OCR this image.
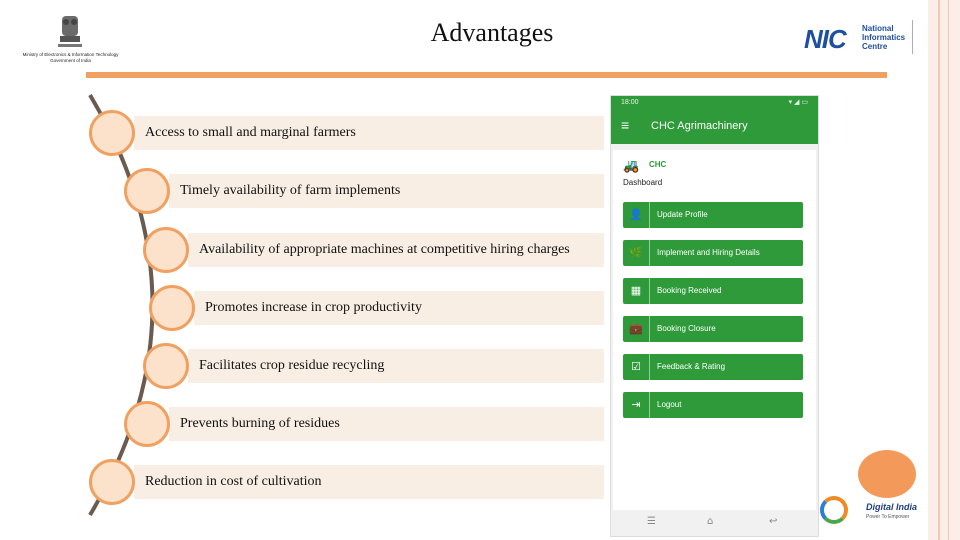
Ministry of Electronics & Information Technology
Government of India
Advantages	NIC National Informatics Centre
Access to small and marginal farmers
Timely availability of farm implements
Availability of appropriate machines at competitive hiring charges
Promotes increase in crop productivity
Facilitates crop residue recycling
Prevents burning of residues
Reduction in cost of cultivation
18:00	▾ ◢ ▭
≡ CHC Agrimachinery
🚜 CHC
Dashboard
👤	Update Profile
🌿	Implement and Hiring Details
▦	Booking Received
💼	Booking Closure
☑	Feedback & Rating
⇥	Logout
☰	⌂	↩
Digital India
Power To Empower
